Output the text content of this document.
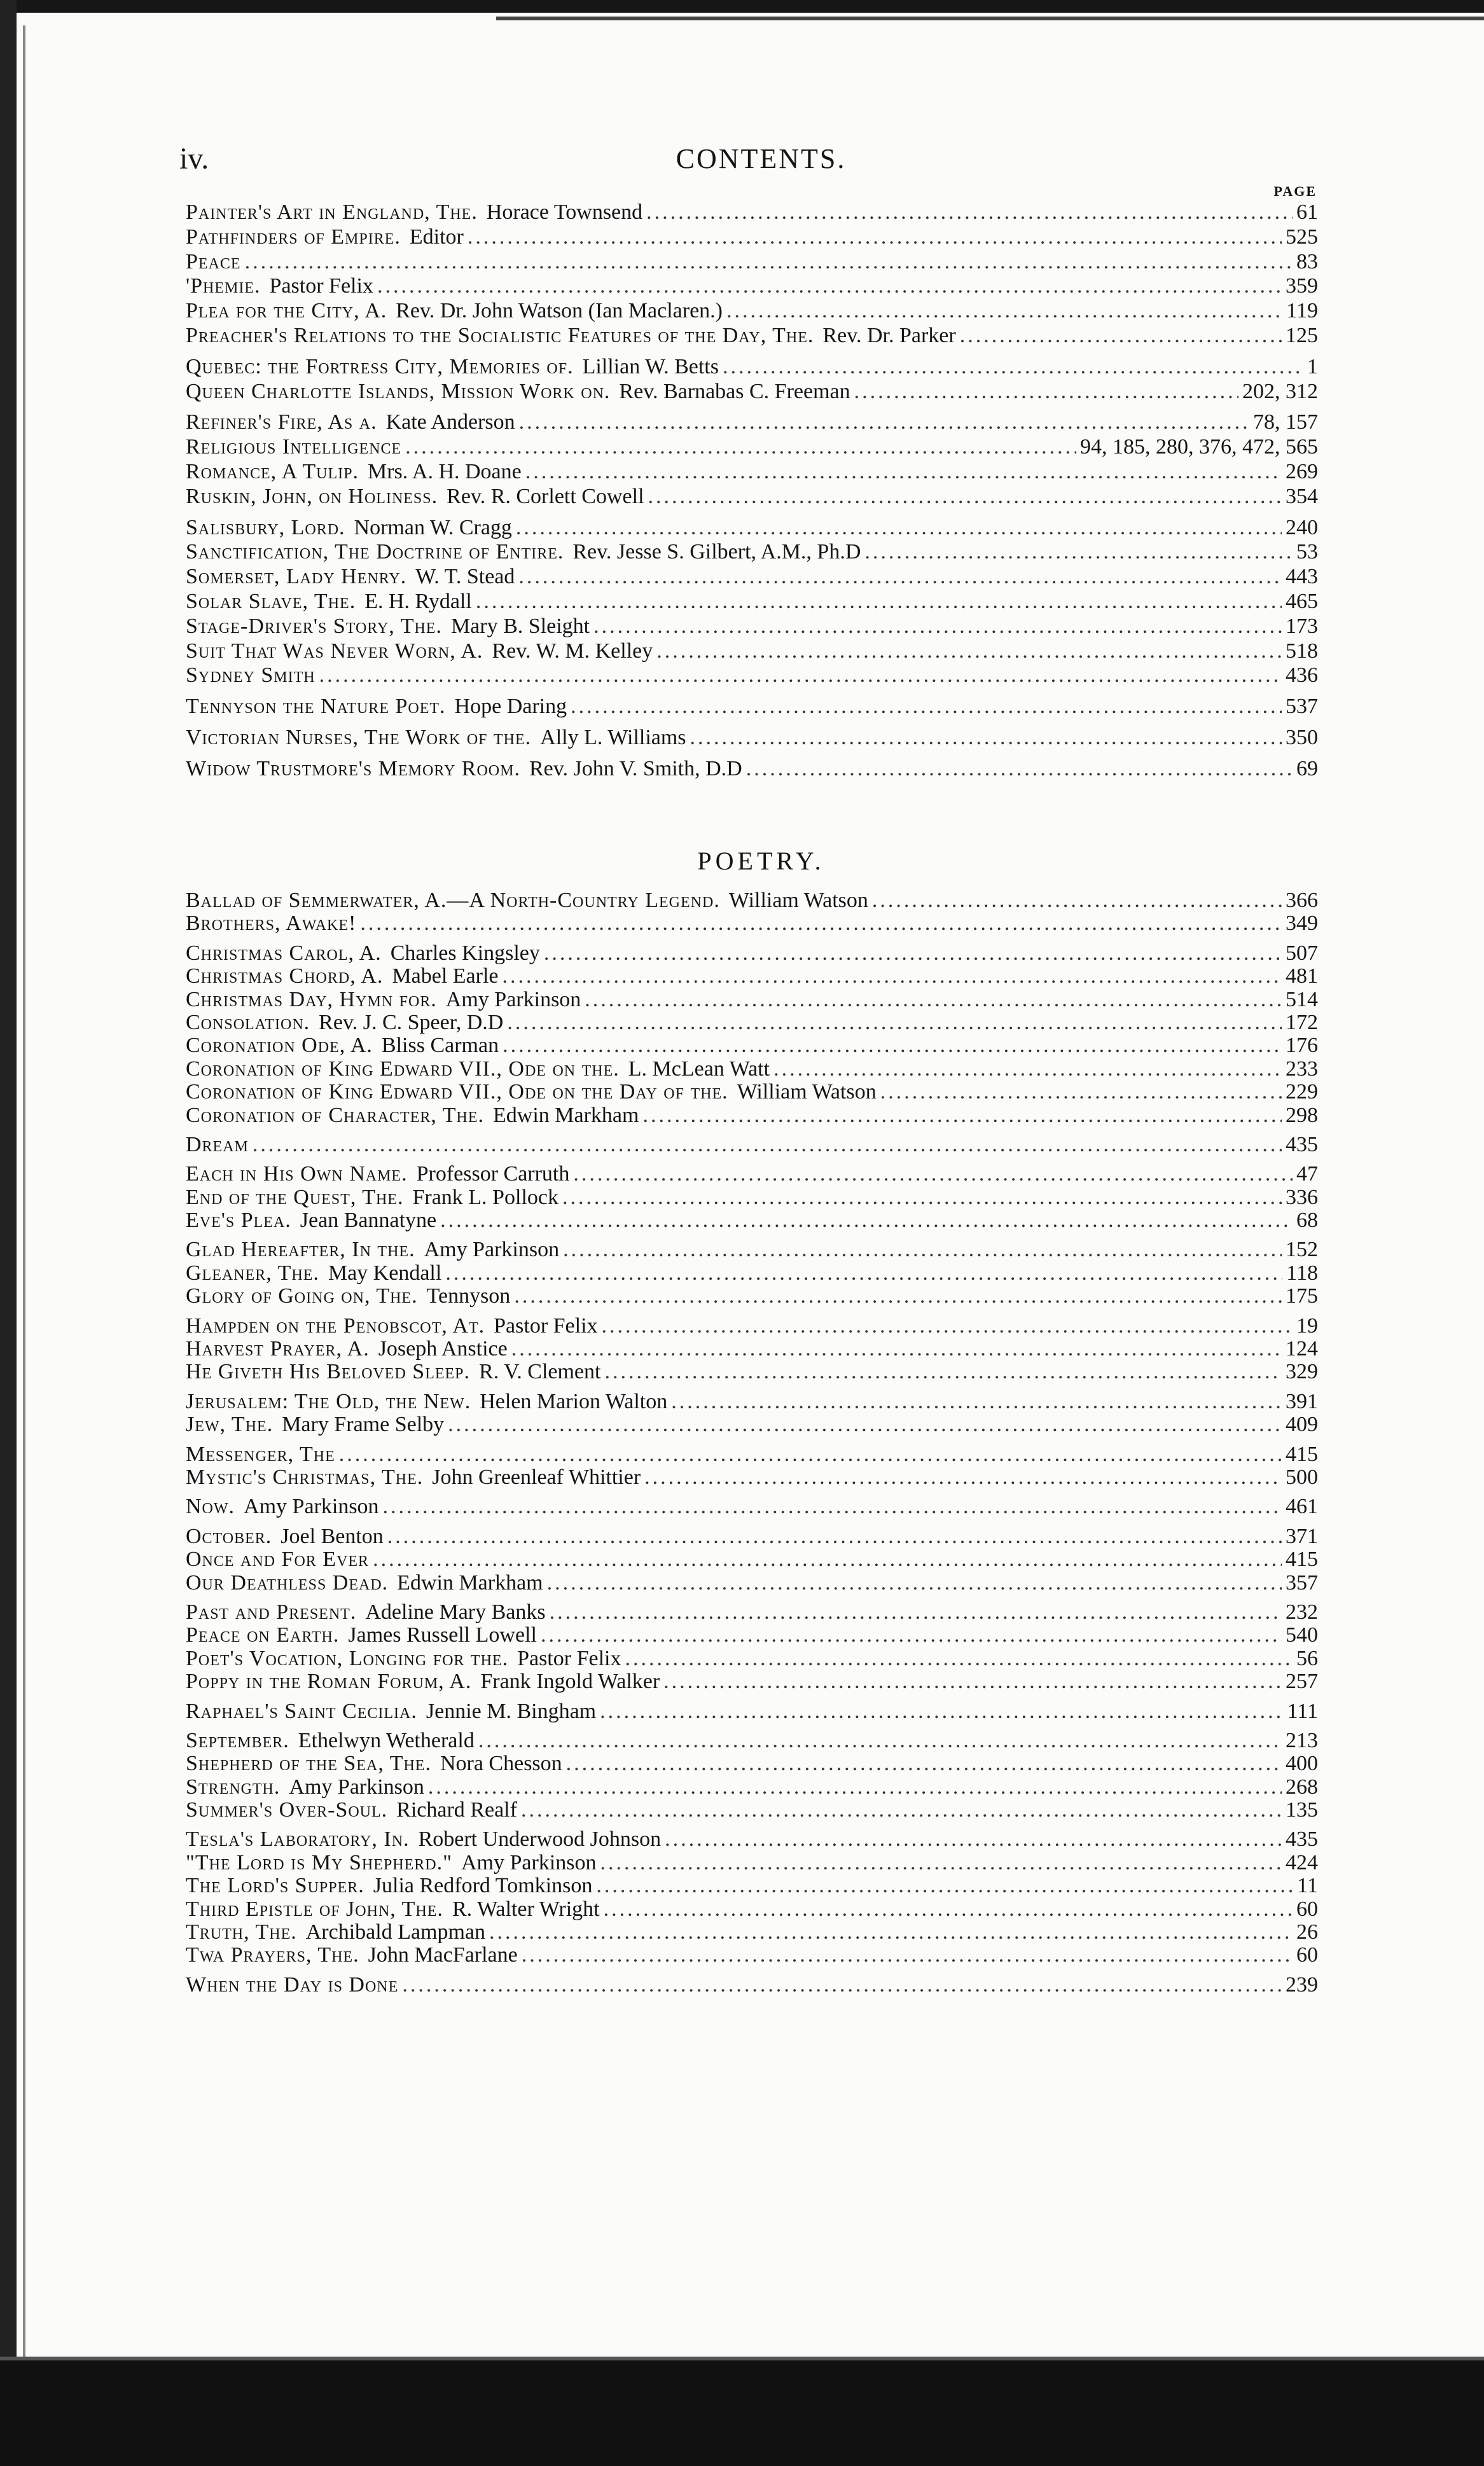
iv.	CONTENTS.
PAGE
Painter's Art in England, The. Horace Townsend .....	61
Pathfinders of Empire. Editor .....	525
Peace .....	83
'Phemie. Pastor Felix .....	359
Plea for the City, A. Rev. Dr. John Watson (Ian Maclaren.) .....	119
Preacher's Relations to the Socialistic Features of the Day, The. Rev. Dr. Parker .....	125
Quebec: the Fortress City, Memories of. Lillian W. Betts .....	1
Queen Charlotte Islands, Mission Work on. Rev. Barnabas C. Freeman .....	202, 312
Refiner's Fire, As a. Kate Anderson .....	78, 157
Religious Intelligence .....	94, 185, 280, 376, 472, 565
Romance, A Tulip. Mrs. A. H. Doane .....	269
Ruskin, John, on Holiness. Rev. R. Corlett Cowell .....	354
Salisbury, Lord. Norman W. Cragg .....	240
Sanctification, The Doctrine of Entire. Rev. Jesse S. Gilbert, A.M., Ph.D .....	53
Somerset, Lady Henry. W. T. Stead .....	443
Solar Slave, The. E. H. Rydall .....	465
Stage-Driver's Story, The. Mary B. Sleight .....	173
Suit That Was Never Worn, A. Rev. W. M. Kelley .....	518
Sydney Smith .....	436
Tennyson the Nature Poet. Hope Daring .....	537
Victorian Nurses, The Work of the. Ally L. Williams .....	350
Widow Trustmore's Memory Room. Rev. John V. Smith, D.D .....	69
POETRY.
Ballad of Semmerwater, A.—A North-Country Legend. William Watson .....	366
Brothers, Awake! .....	349
Christmas Carol, A. Charles Kingsley .....	507
Christmas Chord, A. Mabel Earle .....	481
Christmas Day, Hymn for. Amy Parkinson .....	514
Consolation. Rev. J. C. Speer, D.D .....	172
Coronation Ode, A. Bliss Carman .....	176
Coronation of King Edward VII., Ode on the. L. McLean Watt .....	233
Coronation of King Edward VII., Ode on the Day of the. William Watson .....	229
Coronation of Character, The. Edwin Markham .....	298
Dream .....	435
Each in His Own Name. Professor Carruth .....	47
End of the Quest, The. Frank L. Pollock .....	336
Eve's Plea. Jean Bannatyne .....	68
Glad Hereafter, In the. Amy Parkinson .....	152
Gleaner, The. May Kendall .....	118
Glory of Going on, The. Tennyson .....	175
Hampden on the Penobscot, At. Pastor Felix .....	19
Harvest Prayer, A. Joseph Anstice .....	124
He Giveth His Beloved Sleep. R. V. Clement .....	329
Jerusalem: The Old, the New. Helen Marion Walton .....	391
Jew, The. Mary Frame Selby .....	409
Messenger, The .....	415
Mystic's Christmas, The. John Greenleaf Whittier .....	500
Now. Amy Parkinson .....	461
October. Joel Benton .....	371
Once and For Ever .....	415
Our Deathless Dead. Edwin Markham .....	357
Past and Present. Adeline Mary Banks .....	232
Peace on Earth. James Russell Lowell .....	540
Poet's Vocation, Longing for the. Pastor Felix .....	56
Poppy in the Roman Forum, A. Frank Ingold Walker .....	257
Raphael's Saint Cecilia. Jennie M. Bingham .....	111
September. Ethelwyn Wetherald .....	213
Shepherd of the Sea, The. Nora Chesson .....	400
Strength. Amy Parkinson .....	268
Summer's Over-Soul. Richard Realf .....	135
Tesla's Laboratory, In. Robert Underwood Johnson .....	435
"The Lord is My Shepherd." Amy Parkinson .....	424
The Lord's Supper. Julia Redford Tomkinson .....	11
Third Epistle of John, The. R. Walter Wright .....	60
Truth, The. Archibald Lampman .....	26
Twa Prayers, The. John MacFarlane .....	60
When the Day is Done .....	239
